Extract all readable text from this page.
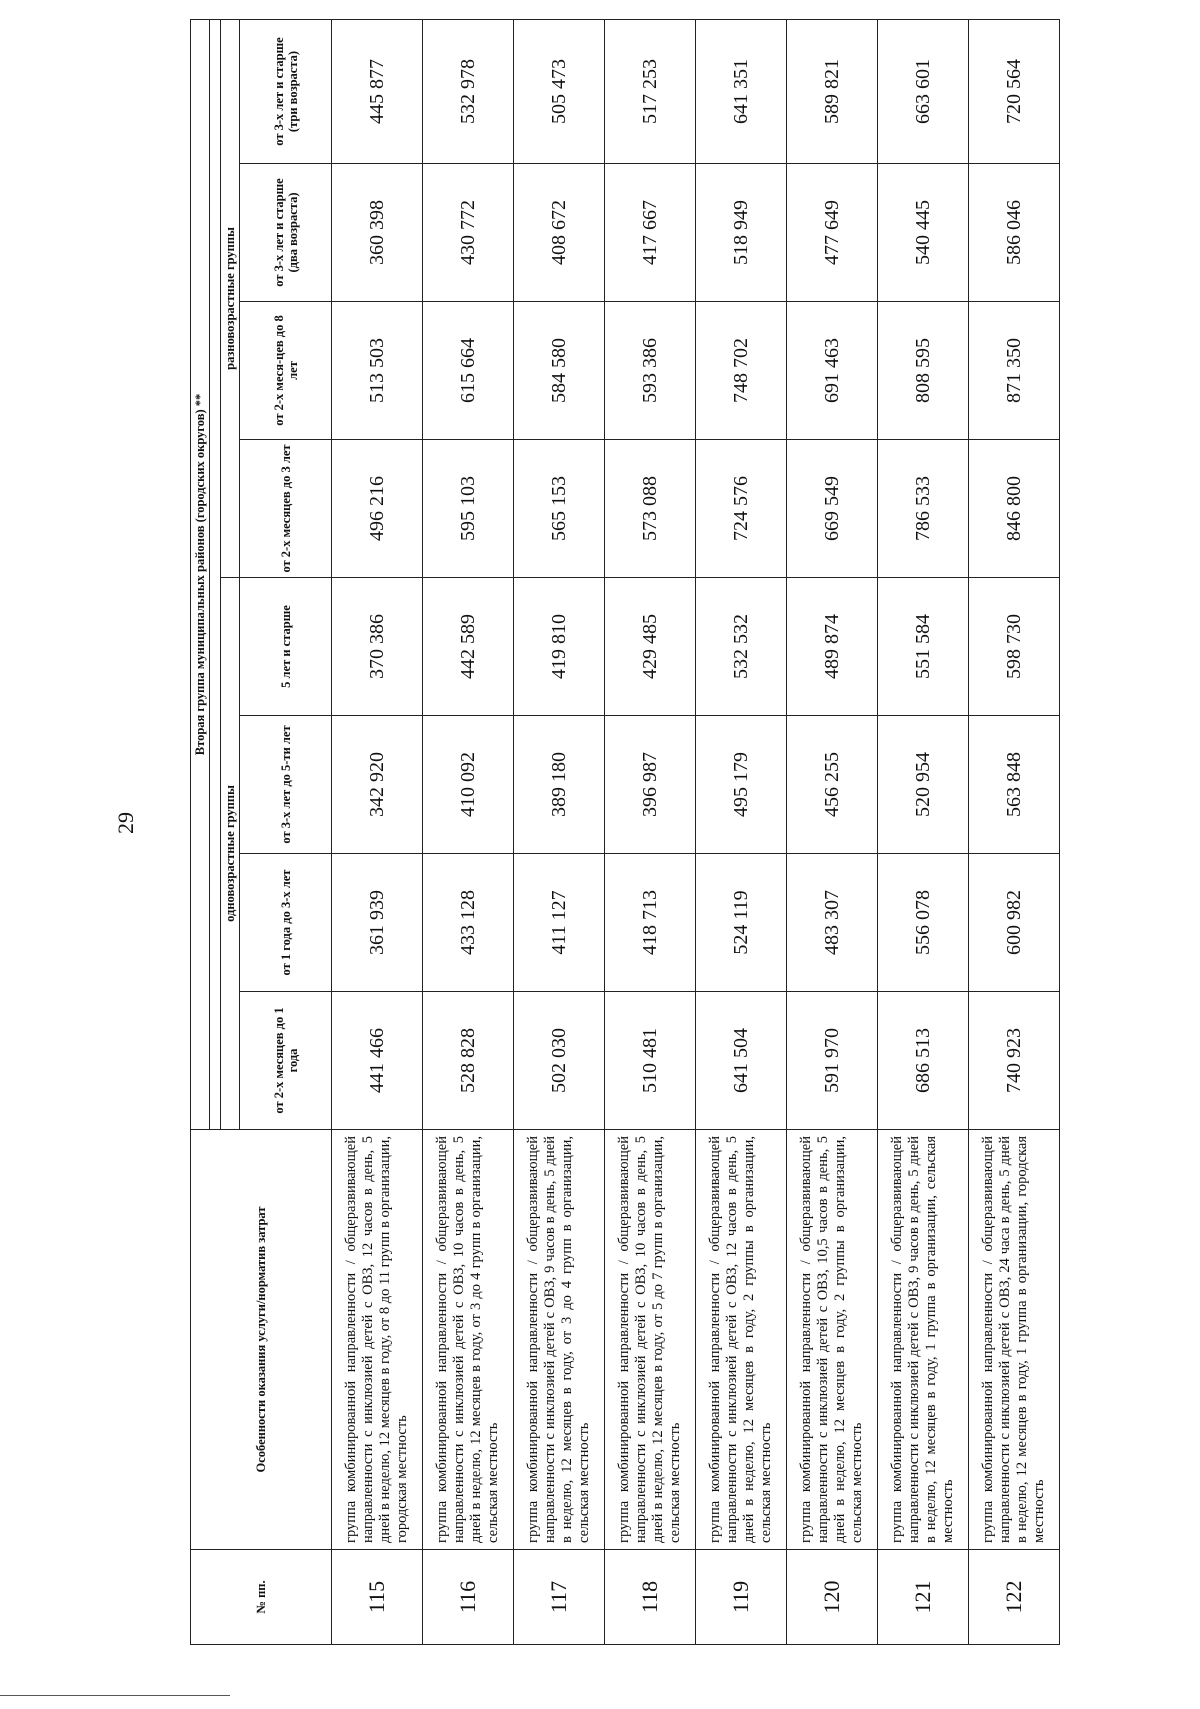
29
№ пп.	Особенности оказания услуги/норматив затрат	Вторая группа муниципальных районов (городских округов) **							

		одновозрастные группы				разновозрастные группы			
		от 2-х месяцев до 1 года	от 1 года до 3-х лет	от 3-х лет до 5-ти лет	5 лет и старше	от 2-х месяцев до 3 лет	от 2-х меся-цев до 8 лет	от 3-х лет и старше (два возраста)	от 3-х лет и старше (три возраста)
115	группа комбинированной направленности / общеразвивающей направленности с инклюзией детей с ОВЗ, 12 часов в день, 5 дней в неделю, 12 месяцев в году, от 8 до 11 групп в организации, городская местность	441 466	361 939	342 920	370 386	496 216	513 503	360 398	445 877
116	группа комбинированной направленности / общеразвивающей направленности с инклюзией детей с ОВЗ, 10 часов в день, 5 дней в неделю, 12 месяцев в году, от 3 до 4 групп в организации, сельская местность	528 828	433 128	410 092	442 589	595 103	615 664	430 772	532 978
117	группа комбинированной направленности / общеразвивающей направленности с инклюзией детей с ОВЗ, 9 часов в день, 5 дней в неделю, 12 месяцев в году, от 3 до 4 групп в организации, сельская местность	502 030	411 127	389 180	419 810	565 153	584 580	408 672	505 473
118	группа комбинированной направленности / общеразвивающей направленности с инклюзией детей с ОВЗ, 10 часов в день, 5 дней в неделю, 12 месяцев в году, от 5 до 7 групп в организации, сельская местность	510 481	418 713	396 987	429 485	573 088	593 386	417 667	517 253
119	группа комбинированной направленности / общеразвивающей направленности с инклюзией детей с ОВЗ, 12 часов в день, 5 дней в неделю, 12 месяцев в году, 2 группы в организации, сельская местность	641 504	524 119	495 179	532 532	724 576	748 702	518 949	641 351
120	группа комбинированной направленности / общеразвивающей направленности с инклюзией детей с ОВЗ, 10,5 часов в день, 5 дней в неделю, 12 месяцев в году, 2 группы в организации, сельская местность	591 970	483 307	456 255	489 874	669 549	691 463	477 649	589 821
121	группа комбинированной направленности / общеразвивающей направленности с инклюзией детей с ОВЗ, 9 часов в день, 5 дней в неделю, 12 месяцев в году, 1 группа в организации, сельская местность	686 513	556 078	520 954	551 584	786 533	808 595	540 445	663 601
122	группа комбинированной направленности / общеразвивающей направленности с инклюзией детей с ОВЗ, 24 часа в день, 5 дней в неделю, 12 месяцев в году, 1 группа в организации, городская местность	740 923	600 982	563 848	598 730	846 800	871 350	586 046	720 564
